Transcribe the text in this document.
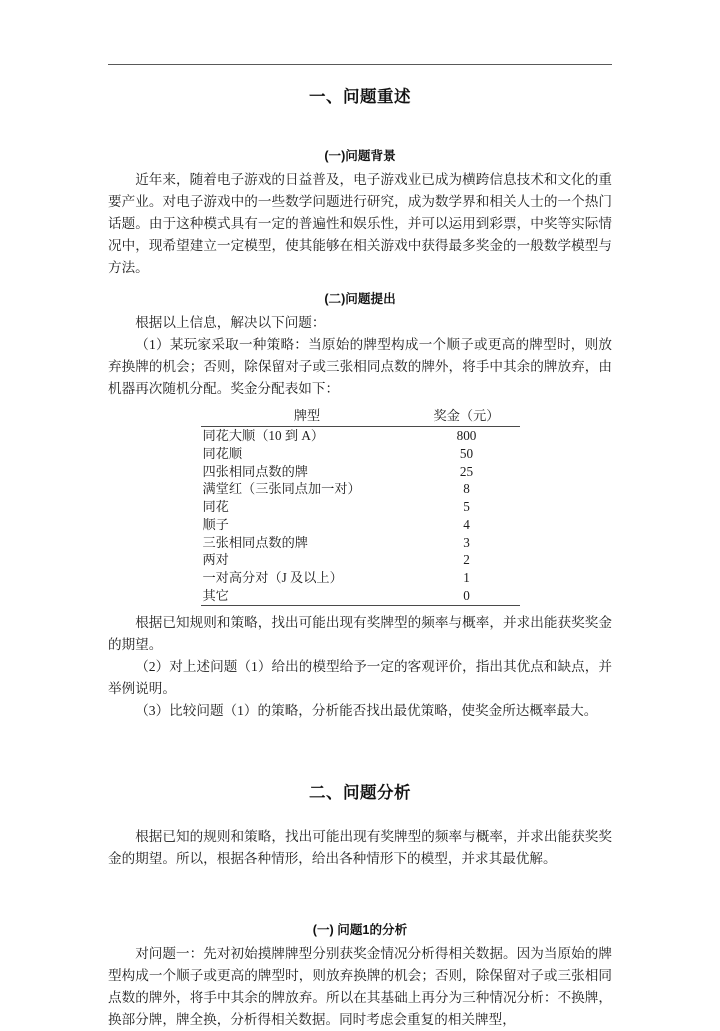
一、问题重述
(一)问题背景

近年来，随着电子游戏的日益普及，电子游戏业已成为横跨信息技术和文化的重要产业。对电子游戏中的一些数学问题进行研究，成为数学界和相关人士的一个热门话题。由于这种模式具有一定的普遍性和娱乐性，并可以运用到彩票，中奖等实际情况中，现希望建立一定模型，使其能够在相关游戏中获得最多奖金的一般数学模型与方法。

(二)问题提出

根据以上信息，解决以下问题：

（1）某玩家采取一种策略：当原始的牌型构成一个顺子或更高的牌型时，则放弃换牌的机会；否则，除保留对子或三张相同点数的牌外，将手中其余的牌放弃，由机器再次随机分配。奖金分配表如下：

牌型	奖金（元）
同花大顺（10 到 A）	800
同花顺	50
四张相同点数的牌	25
满堂红（三张同点加一对）	8
同花	5
顺子	4
三张相同点数的牌	3
两对	2
一对高分对（J 及以上）	1
其它	0

根据已知规则和策略，找出可能出现有奖牌型的频率与概率，并求出能获奖奖金的期望。

（2）对上述问题（1）给出的模型给予一定的客观评价，指出其优点和缺点，并举例说明。

（3）比较问题（1）的策略，分析能否找出最优策略，使奖金所达概率最大。

二、问题分析

根据已知的规则和策略，找出可能出现有奖牌型的频率与概率，并求出能获奖奖金的期望。所以，根据各种情形，给出各种情形下的模型，并求其最优解。

(一) 问题1的分析

对问题一：先对初始摸牌牌型分别获奖金情况分析得相关数据。因为当原始的牌型构成一个顺子或更高的牌型时，则放弃换牌的机会；否则，除保留对子或三张相同点数的牌外，将手中其余的牌放弃。所以在其基础上再分为三种情况分析：不换牌，换部分牌，牌全换，分析得相关数据。同时考虑会重复的相关牌型，
